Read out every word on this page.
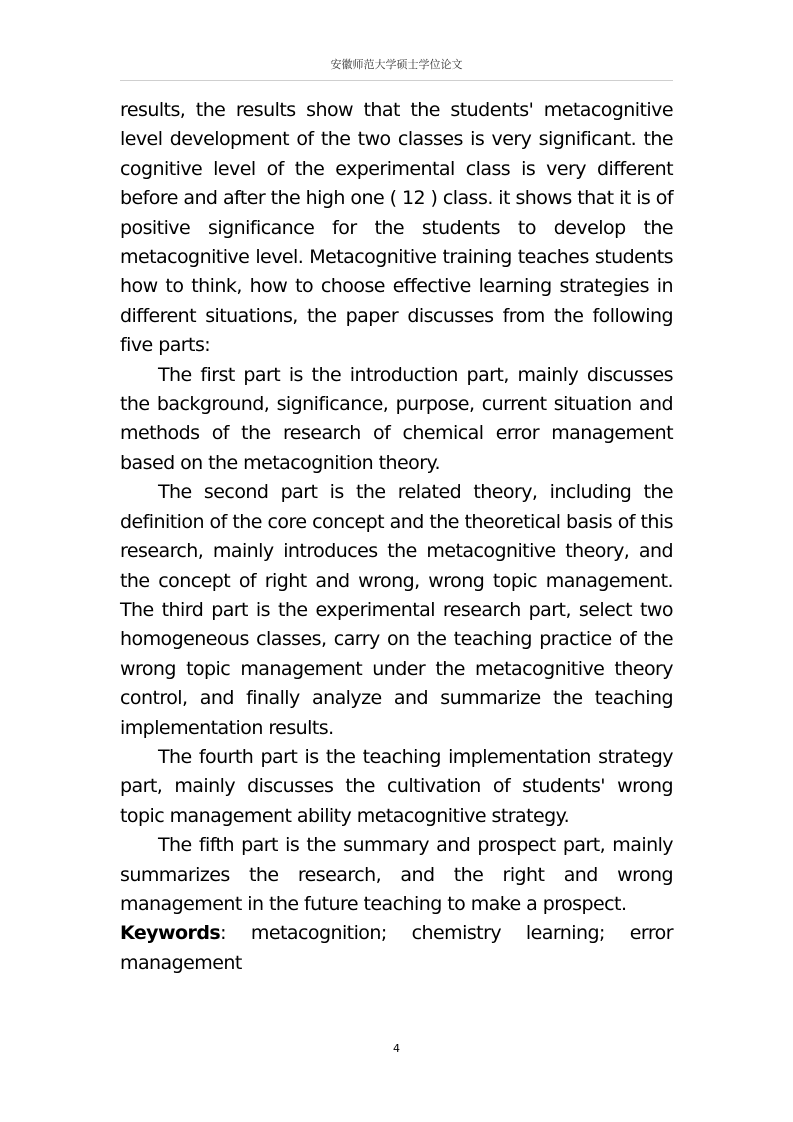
安徽师范大学硕士学位论文

results, the results show that the students' metacognitive level development of the two classes is very significant. the cognitive level of the experimental class is very different before and after the high one ( 12 ) class. it shows that it is of positive significance for the students to develop the metacognitive level. Metacognitive training teaches students how to think, how to choose effective learning strategies in different situations, the paper discusses from the following five parts:

The first part is the introduction part, mainly discusses the background, significance, purpose, current situation and methods of the research of chemical error management based on the metacognition theory.

The second part is the related theory, including the definition of the core concept and the theoretical basis of this research, mainly introduces the metacognitive theory, and the concept of right and wrong, wrong topic management. The third part is the experimental research part, select two homogeneous classes, carry on the teaching practice of the wrong topic management under the metacognitive theory control, and finally analyze and summarize the teaching implementation results.

The fourth part is the teaching implementation strategy part, mainly discusses the cultivation of students' wrong topic management ability metacognitive strategy.

The fifth part is the summary and prospect part, mainly summarizes the research, and the right and wrong management in the future teaching to make a prospect.

Keywords: metacognition; chemistry learning; error management

4
